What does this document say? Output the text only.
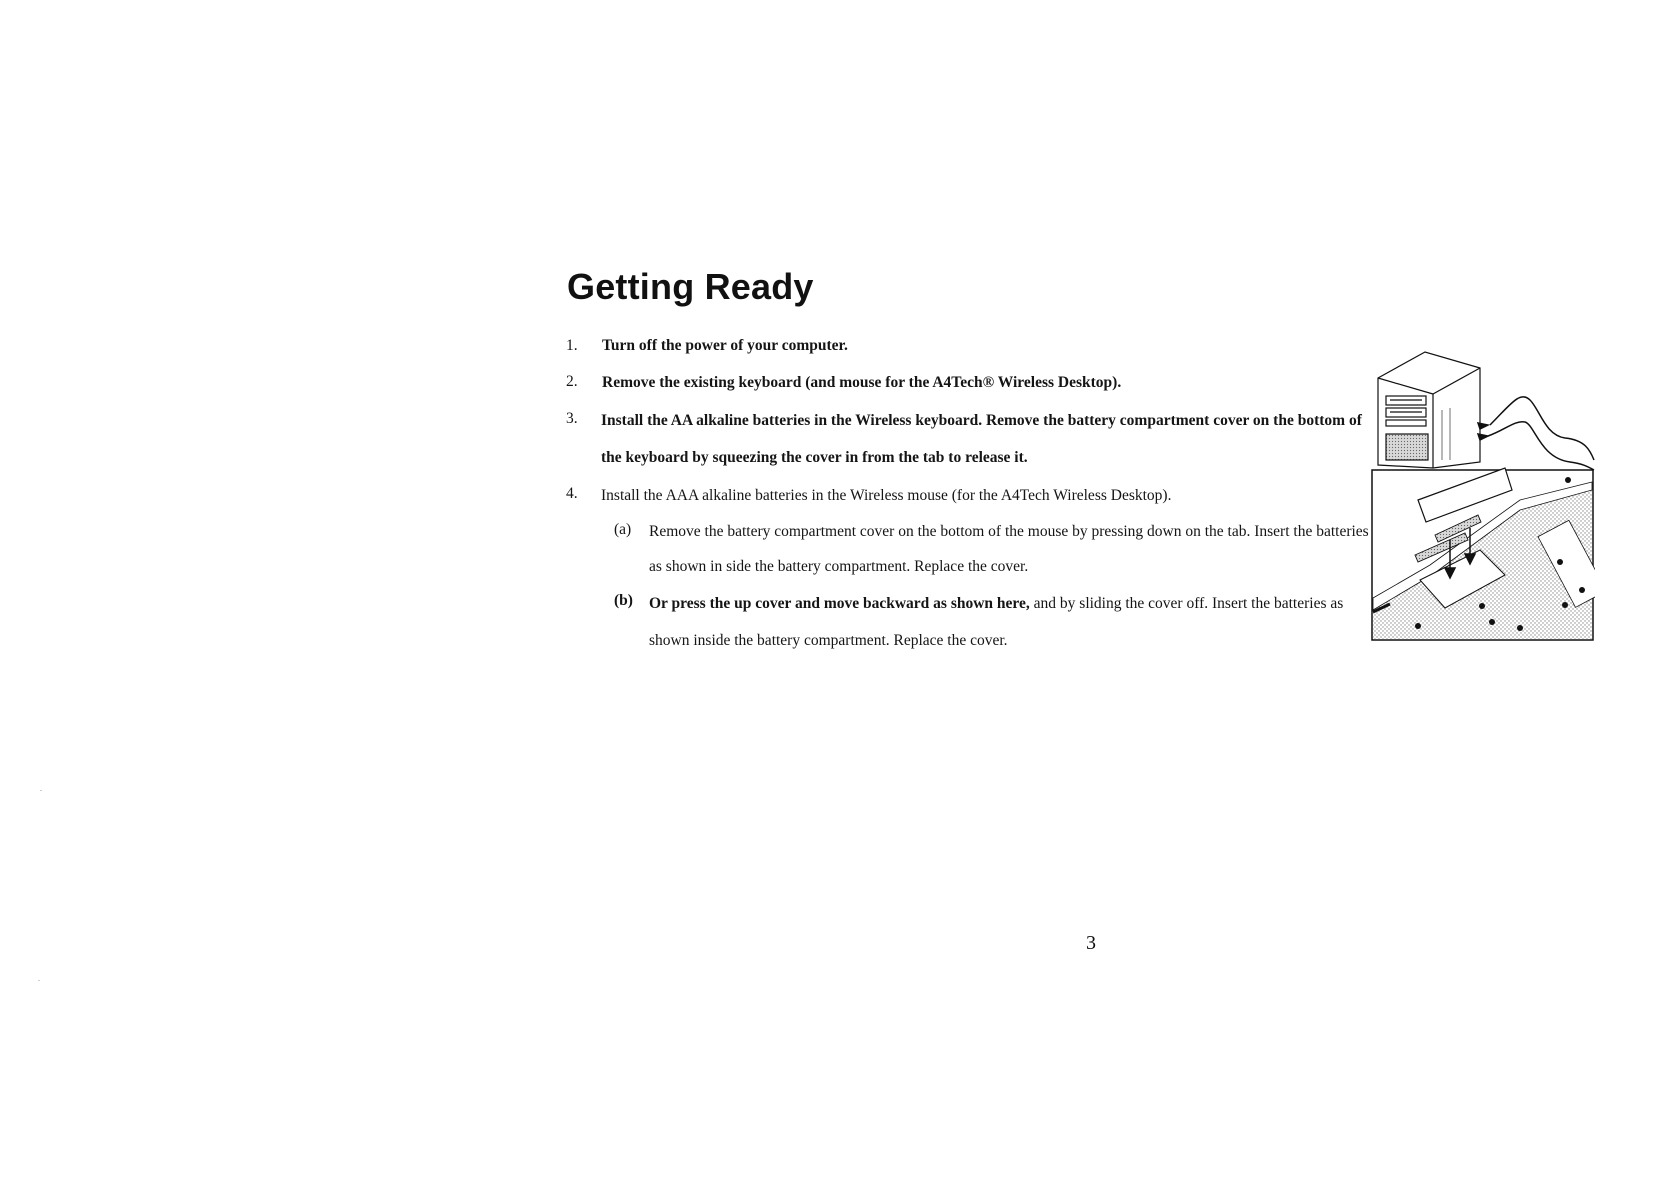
Getting Ready
1. Turn off the power of your computer.
2. Remove the existing keyboard (and mouse for the A4Tech® Wireless Desktop).
3. Install the AA alkaline batteries in the Wireless keyboard. Remove the battery compartment cover on the bottom of
the keyboard by squeezing the cover in from the tab to release it.
4. Install the AAA alkaline batteries in the Wireless mouse (for the A4Tech Wireless Desktop).
(a) Remove the battery compartment cover on the bottom of the mouse by pressing down on the tab. Insert the batteries
as shown in side the battery compartment. Replace the cover.
(b) Or press the up cover and move backward as shown here, and by sliding the cover off. Insert the batteries as
shown inside the battery compartment. Replace the cover.
3
